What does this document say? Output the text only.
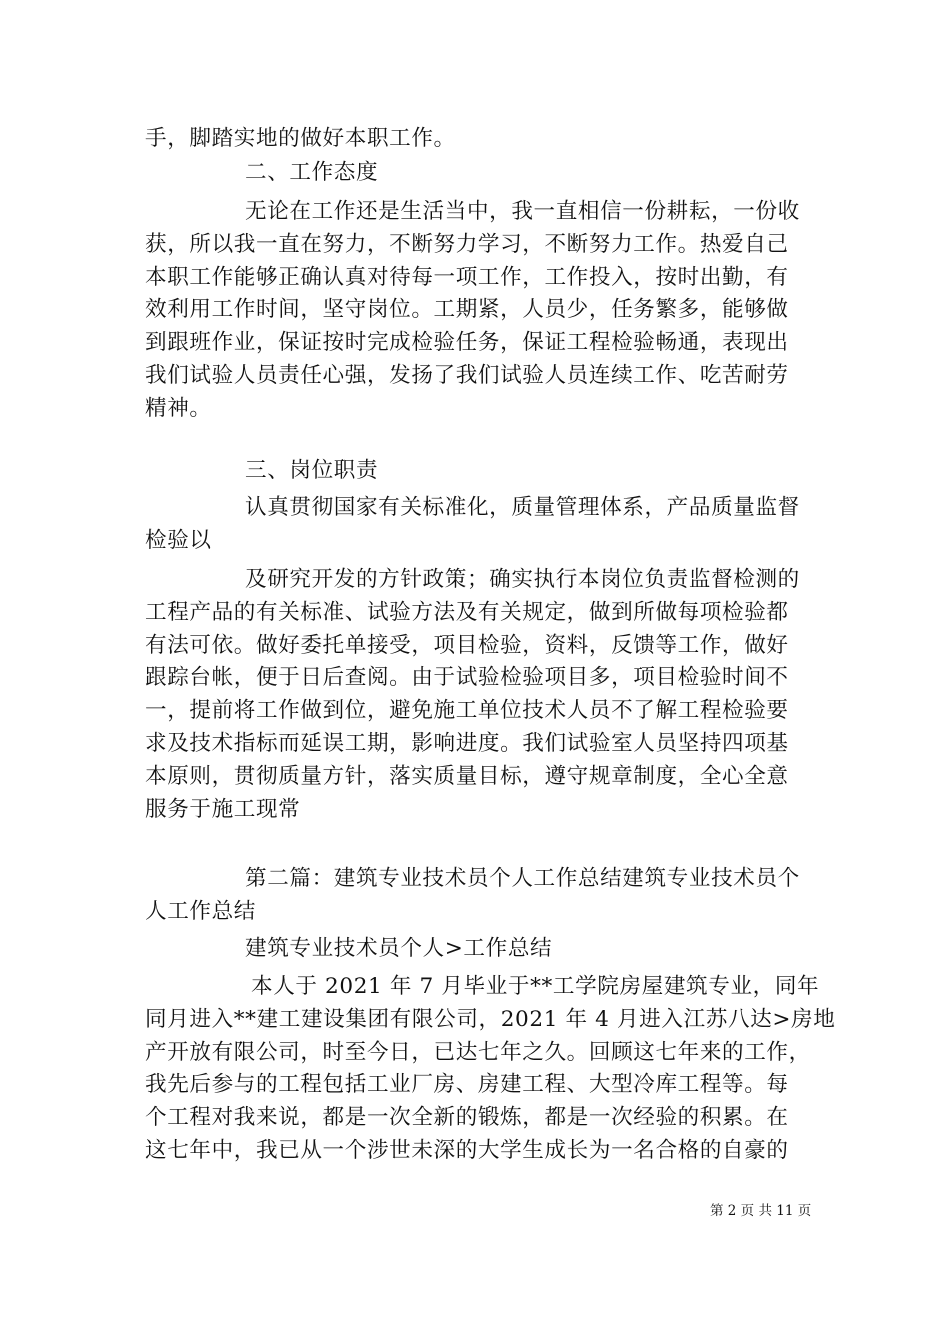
手，脚踏实地的做好本职工作。
二、工作态度
无论在工作还是生活当中，我一直相信一份耕耘，一份收
获，所以我一直在努力，不断努力学习，不断努力工作。热爱自己
本职工作能够正确认真对待每一项工作，工作投入，按时出勤，有
效利用工作时间，坚守岗位。工期紧，人员少，任务繁多，能够做
到跟班作业，保证按时完成检验任务，保证工程检验畅通，表现出
我们试验人员责任心强，发扬了我们试验人员连续工作、吃苦耐劳
精神。
三、岗位职责
认真贯彻国家有关标准化，质量管理体系，产品质量监督
检验以
及研究开发的方针政策；确实执行本岗位负责监督检测的
工程产品的有关标准、试验方法及有关规定，做到所做每项检验都
有法可依。做好委托单接受，项目检验，资料，反馈等工作，做好
跟踪台帐，便于日后查阅。由于试验检验项目多，项目检验时间不
一，提前将工作做到位，避免施工单位技术人员不了解工程检验要
求及技术指标而延误工期，影响进度。我们试验室人员坚持四项基
本原则，贯彻质量方针，落实质量目标，遵守规章制度，全心全意
服务于施工现常
第二篇：建筑专业技术员个人工作总结建筑专业技术员个
人工作总结
建筑专业技术员个人>工作总结
本人于 2021 年 7 月毕业于**工学院房屋建筑专业，同年
同月进入**建工建设集团有限公司，2021 年 4 月进入江苏八达>房地
产开放有限公司，时至今日，已达七年之久。回顾这七年来的工作，
我先后参与的工程包括工业厂房、房建工程、大型冷库工程等。每
个工程对我来说，都是一次全新的锻炼，都是一次经验的积累。在
这七年中，我已从一个涉世未深的大学生成长为一名合格的自豪的
第 2 页 共 11 页
